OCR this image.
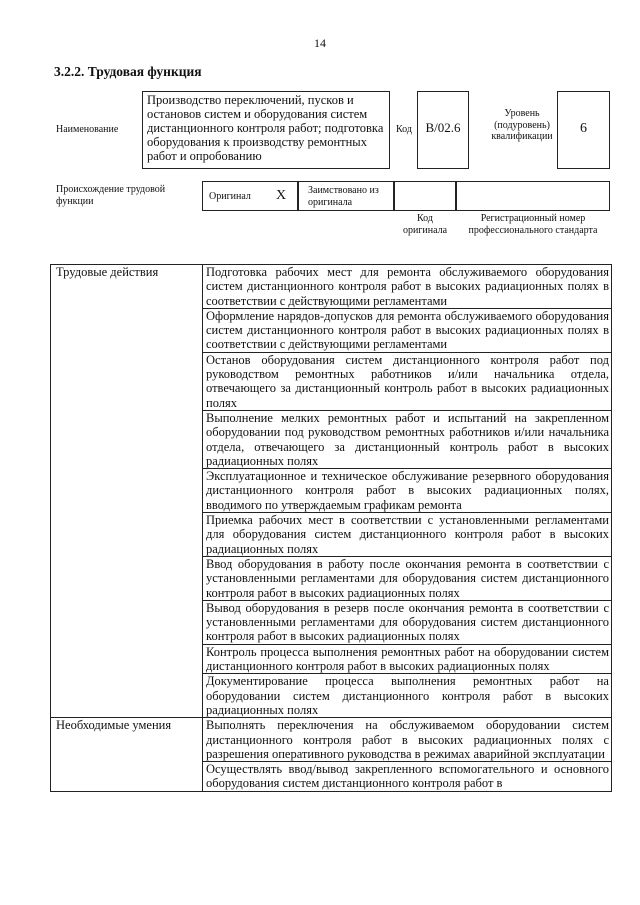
14
3.2.2. Трудовая функция
Наименование
Производство переключений, пусков и остановов систем и оборудования систем дистанционного контроля работ; подготовка оборудования к производству ремонтных работ и опробованию
Код	B/02.6
Уровень (подуровень) квалификации
6
Происхождение трудовой функции	Оригинал X Заимствовано из оригинала
Код оригинала
Регистрационный номер профессионального стандарта
Трудовые действия	Подготовка рабочих мест для ремонта обслуживаемого оборудования систем дистанционного контроля работ в высоких радиационных полях в соответствии с действующими регламентами
	Оформление нарядов-допусков для ремонта обслуживаемого оборудования систем дистанционного контроля работ в высоких радиационных полях в соответствии с действующими регламентами
	Останов оборудования систем дистанционного контроля работ под руководством ремонтных работников и/или начальника отдела, отвечающего за дистанционный контроль работ в высоких радиационных полях
	Выполнение мелких ремонтных работ и испытаний на закрепленном оборудовании под руководством ремонтных работников и/или начальника отдела, отвечающего за дистанционный контроль работ в высоких радиационных полях
	Эксплуатационное и техническое обслуживание резервного оборудования дистанционного контроля работ в высоких радиационных полях, вводимого по утверждаемым графикам ремонта
	Приемка рабочих мест в соответствии с установленными регламентами для оборудования систем дистанционного контроля работ в высоких радиационных полях
	Ввод оборудования в работу после окончания ремонта в соответствии с установленными регламентами для оборудования систем дистанционного контроля работ в высоких радиационных полях
	Вывод оборудования в резерв после окончания ремонта в соответствии с установленными регламентами для оборудования систем дистанционного контроля работ в высоких радиационных полях
	Контроль процесса выполнения ремонтных работ на оборудовании систем дистанционного контроля работ в высоких радиационных полях
	Документирование процесса выполнения ремонтных работ на оборудовании систем дистанционного контроля работ в высоких радиационных полях
Необходимые умения	Выполнять переключения на обслуживаемом оборудовании систем дистанционного контроля работ в высоких радиационных полях с разрешения оперативного руководства в режимах аварийной эксплуатации
	Осуществлять ввод/вывод закрепленного вспомогательного и основного оборудования систем дистанционного контроля работ в
